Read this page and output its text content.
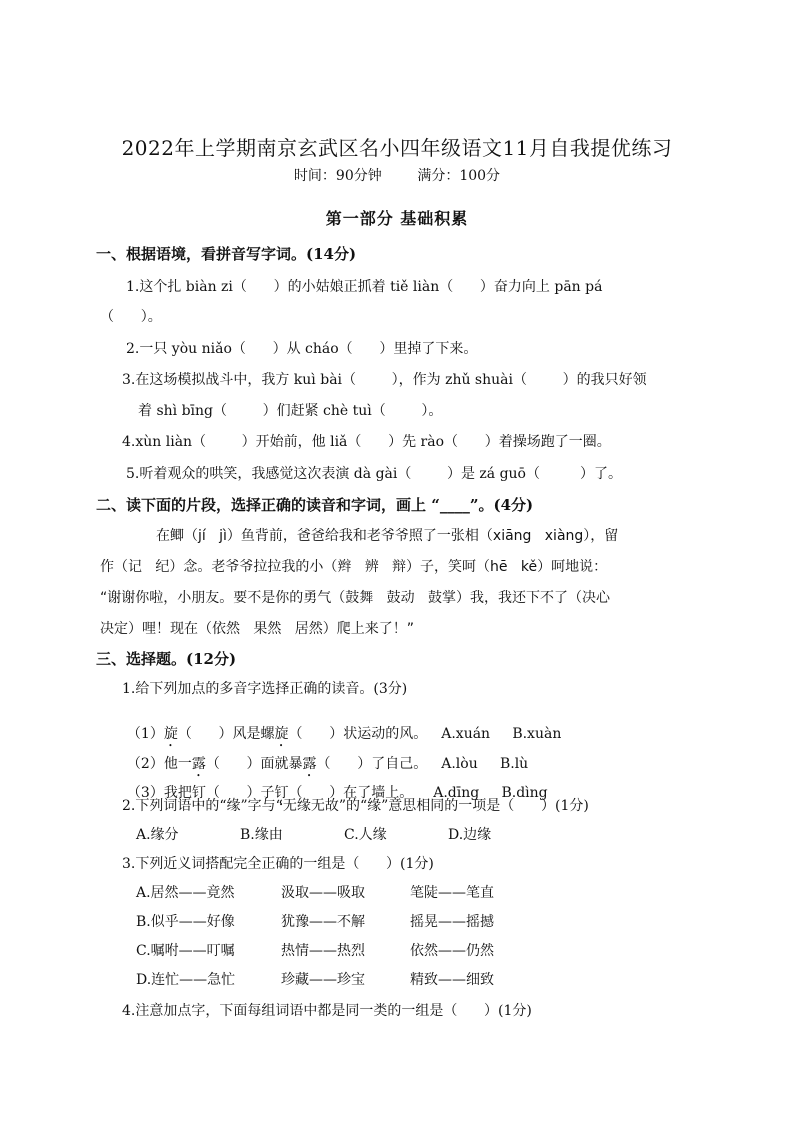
2022年上学期南京玄武区名小四年级语文11月自我提优练习
时间：90分钟        满分：100分
第一部分 基础积累
一、根据语境，看拼音写字词。(14分)
1.这个扎 biàn zi（      ）的小姑娘正抓着 tiě liàn（      ）奋力向上 pān pá
（      ）。
2.一只 yòu niǎo（      ）从 cháo（      ）里掉了下来。
3.在这场模拟战斗中，我方 kuì bài（        ），作为 zhǔ shuài（        ）的我只好领
着 shì bīng（        ）们赶紧 chè tuì（        ）。
4.xùn liàn（        ）开始前，他 liǎ（      ）先 rào（      ）着操场跑了一圈。
5.听着观众的哄笑，我感觉这次表演 dà gài（        ）是 zá guō（         ）了。
二、读下面的片段，选择正确的读音和字词，画上 “____”。(4分)
在鲫（jí   jì）鱼背前，爸爸给我和老爷爷照了一张相（xiāng   xiàng），留
作（记   纪）念。老爷爷拉拉我的小（辫   辨   辩）子，笑呵（hē   kě）呵地说：
“谢谢你啦，小朋友。要不是你的勇气（鼓舞   鼓动   鼓掌）我，我还下不了（决心
决定）哩！现在（依然   果然   居然）爬上来了！”
三、选择题。(12分)
1.给下列加点的多音字选择正确的读音。(3分)

（1）旋（      ）风是螺旋（      ）状运动的风。 A.xuán     B.xuàn

（2）他一露（      ）面就暴露（      ）了自己。 A.lòu     B.lù

（3）我把钉（      ）子钉（      ）在了墙上。 A.dīng     B.dìng

2.下列词语中的“缘”字与“无缘无故”的“缘”意思相同的一项是（      ）(1分)
A.缘分	B.缘由	C.人缘	D.边缘
3.下列近义词搭配完全正确的一组是（      ）(1分)
A.居然——竟然	汲取——吸取	笔陡——笔直
B.似乎——好像	犹豫——不解	摇晃——摇撼
C.嘱咐——叮嘱	热情——热烈	依然——仍然
D.连忙——急忙	珍藏——珍宝	精致——细致
4.注意加点字，下面每组词语中都是同一类的一组是（      ）(1分)
